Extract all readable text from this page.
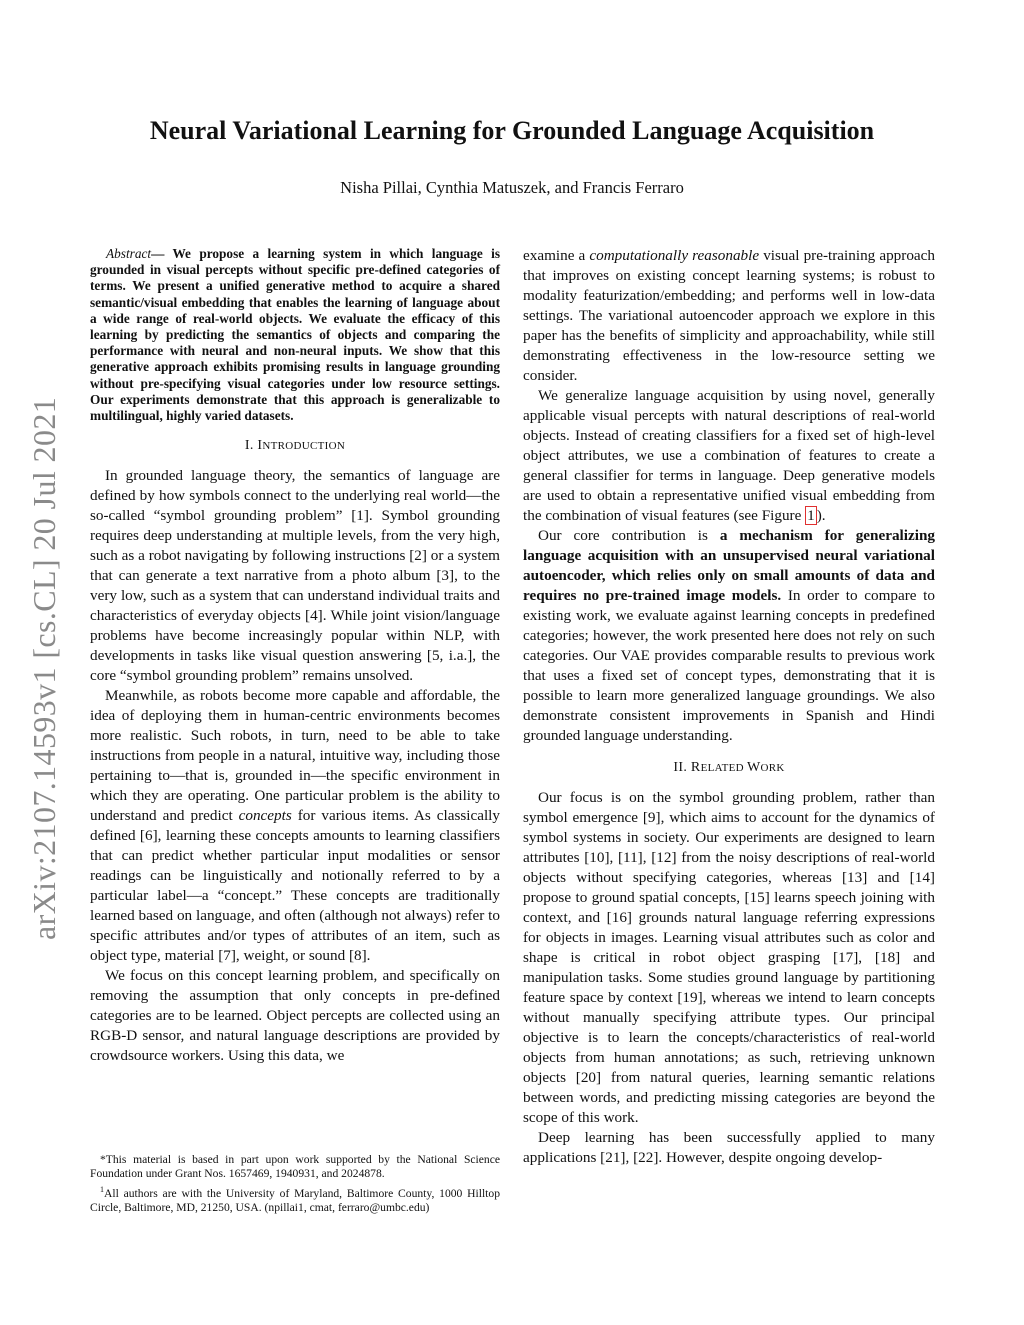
arXiv:2107.14593v1 [cs.CL] 20 Jul 2021
Neural Variational Learning for Grounded Language Acquisition
Nisha Pillai, Cynthia Matuszek, and Francis Ferraro

Abstract— We propose a learning system in which language is grounded in visual percepts without specific pre-defined categories of terms. We present a unified generative method to acquire a shared semantic/visual embedding that enables the learning of language about a wide range of real-world objects. We evaluate the efficacy of this learning by predicting the semantics of objects and comparing the performance with neural and non-neural inputs. We show that this generative approach exhibits promising results in language grounding without pre-specifying visual categories under low resource settings. Our experiments demonstrate that this approach is generalizable to multilingual, highly varied datasets.

I. INTRODUCTION

In grounded language theory, the semantics of language are defined by how symbols connect to the underlying real world—the so-called “symbol grounding problem” [1]. Symbol grounding requires deep understanding at multiple levels, from the very high, such as a robot navigating by following instructions [2] or a system that can generate a text narrative from a photo album [3], to the very low, such as a system that can understand individual traits and characteristics of everyday objects [4]. While joint vision/language problems have become increasingly popular within NLP, with developments in tasks like visual question answering [5, i.a.], the core “symbol grounding problem” remains unsolved.

Meanwhile, as robots become more capable and affordable, the idea of deploying them in human-centric environments becomes more realistic. Such robots, in turn, need to be able to take instructions from people in a natural, intuitive way, including those pertaining to—that is, grounded in—the specific environment in which they are operating. One particular problem is the ability to understand and predict concepts for various items. As classically defined [6], learning these concepts amounts to learning classifiers that can predict whether particular input modalities or sensor readings can be linguistically and notionally referred to by a particular label—a “concept.” These concepts are traditionally learned based on language, and often (although not always) refer to specific attributes and/or types of attributes of an item, such as object type, material [7], weight, or sound [8].

We focus on this concept learning problem, and specifically on removing the assumption that only concepts in pre-defined categories are to be learned. Object percepts are collected using an RGB-D sensor, and natural language descriptions are provided by crowdsource workers. Using this data, we

*This material is based in part upon work supported by the National Science Foundation under Grant Nos. 1657469, 1940931, and 2024878.

$^1$All authors are with the University of Maryland, Baltimore County, 1000 Hilltop Circle, Baltimore, MD, 21250, USA. (npillai1, cmat, ferraro@umbc.edu)

examine a computationally reasonable visual pre-training approach that improves on existing concept learning systems; is robust to modality featurization/embedding; and performs well in low-data settings. The variational autoencoder approach we explore in this paper has the benefits of simplicity and approachability, while still demonstrating effectiveness in the low-resource setting we consider.

We generalize language acquisition by using novel, generally applicable visual percepts with natural descriptions of real-world objects. Instead of creating classifiers for a fixed set of high-level object attributes, we use a combination of features to create a general classifier for terms in language. Deep generative models are used to obtain a representative unified visual embedding from the combination of visual features (see Figure 1 ).

Our core contribution is a mechanism for generalizing language acquisition with an unsupervised neural variational autoencoder, which relies only on small amounts of data and requires no pre-trained image models. In order to compare to existing work, we evaluate against learning concepts in predefined categories; however, the work presented here does not rely on such categories. Our VAE provides comparable results to previous work that uses a fixed set of concept types, demonstrating that it is possible to learn more generalized language groundings. We also demonstrate consistent improvements in Spanish and Hindi grounded language understanding.

II. RELATED WORK

Our focus is on the symbol grounding problem, rather than symbol emergence [9], which aims to account for the dynamics of symbol systems in society. Our experiments are designed to learn attributes [10], [11], [12] from the noisy descriptions of real-world objects without specifying categories, whereas [13] and [14] propose to ground spatial concepts, [15] learns speech joining with context, and [16] grounds natural language referring expressions for objects in images. Learning visual attributes such as color and shape is critical in robot object grasping [17], [18] and manipulation tasks. Some studies ground language by partitioning feature space by context [19], whereas we intend to learn concepts without manually specifying attribute types. Our principal objective is to learn the concepts/characteristics of real-world objects from human annotations; as such, retrieving unknown objects [20] from natural queries, learning semantic relations between words, and predicting missing categories are beyond the scope of this work.

Deep learning has been successfully applied to many applications [21], [22]. However, despite ongoing develop-
